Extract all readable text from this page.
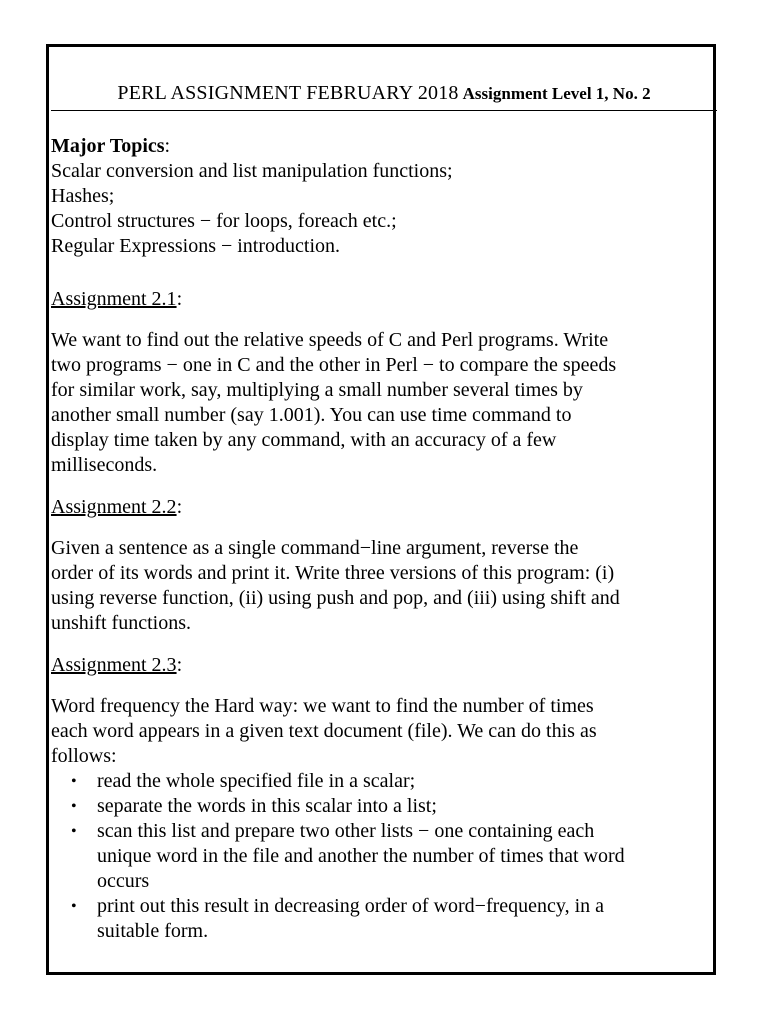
PERL ASSIGNMENT FEBRUARY 2018 Assignment Level 1, No. 2
Major Topics:
Scalar conversion and list manipulation functions;
Hashes;
Control structures − for loops, foreach etc.;
Regular Expressions − introduction.
Assignment 2.1:
We want to find out the relative speeds of C and Perl programs. Write
two programs − one in C and the other in Perl − to compare the speeds
for similar work, say, multiplying a small number several times by
another small number (say 1.001). You can use time command to
display time taken by any command, with an accuracy of a few
milliseconds.
Assignment 2.2:
Given a sentence as a single command−line argument, reverse the
order of its words and print it. Write three versions of this program: (i)
using reverse function, (ii) using push and pop, and (iii) using shift and
unshift functions.
Assignment 2.3:
Word frequency the Hard way: we want to find the number of times
each word appears in a given text document (file). We can do this as
follows:
• read the whole specified file in a scalar;
• separate the words in this scalar into a list;
• scan this list and prepare two other lists − one containing each
unique word in the file and another the number of times that word
occurs
• print out this result in decreasing order of word−frequency, in a
suitable form.
